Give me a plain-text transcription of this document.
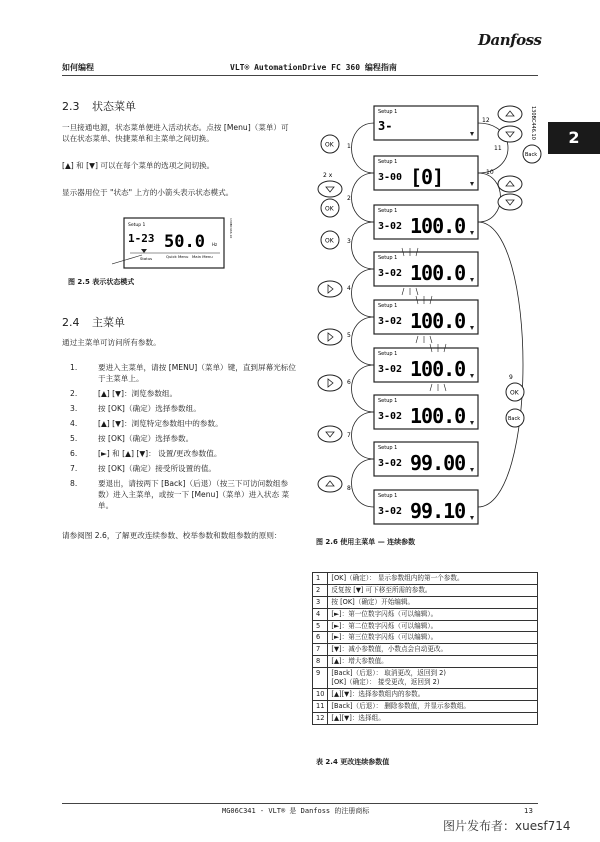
如何编程	VLT® AutomationDrive FC 360 编程指南
Danfoss
2
2.3 状态菜单
一旦接通电源，状态菜单便进入活动状态。点按 [Menu]（菜单）可以在状态菜单、快捷菜单和主菜单之间切换。
[▲] 和 [▼] 可以在每个菜单的选项之间切换。
显示器用位于 "状态" 上方的小箭头表示状态模式。
Setup 1
1-23 50.0 Hz
Status	Quick Menu Main Menu
130BC446.10
图 2.5 表示状态模式
2.4 主菜单
通过主菜单可访问所有参数。
1.	要进入主菜单，请按 [MENU]（菜单）键，直到屏幕光标位于主菜单上。
2.	[▲] [▼]：浏览参数组。
3.	按 [OK]（确定）选择参数组。
4.	[▲] [▼]：浏览特定参数组中的参数。
5.	按 [OK]（确定）选择参数。
6.	[►] 和 [▲] [▼]： 设置/更改参数值。
7.	按 [OK]（确定）接受所设置的值。
8.	要退出，请按两下 [Back]（后退）（按三下可访问数组参数）进入主菜单，或按一下 [Menu]（菜单）进入状态 菜单。
请参阅图 2.6，了解更改连续参数、校举参数和数组参数的原则：
Setup 1
3-
Setup 1
3-00 [0]
Setup 1
3-02 100.0
Setup 1
3-02 100.0
Setup 1
3-02 100.0
Setup 1
3-02 100.0
Setup 1
3-02 100.0
Setup 1
3-02 99.00
Setup 1
3-02 99.10
OK
2 x
OK
OK
Back
OK
Back
1
2
3
4
5
6
7
8
9
10
11
12	130BC446.10
图 2.6 使用主菜单 — 连续参数
1	[OK]（确定）： 显示参数组内的第一个参数。

2	反复按 [▼] 可下移至所需的参数。

3	按 [OK]（确定）开始编辑。

4	[►]：第一位数字闪烁（可以编辑）。

5	[►]：第二位数字闪烁（可以编辑）。

6	[►]：第三位数字闪烁（可以编辑）。

7	[▼]：减小参数值，小数点会自动更改。

8	[▲]：增大参数值。

9	[Back]（后退）： 取消更改，返回到 2)
[OK]（确定）： 接受更改，返回到 2)

10	[▲][▼]：选择参数组内的参数。

11	[Back]（后退）： 删除参数值，并显示参数组。

12	[▲][▼]：选择组。
表 2.4 更改连续参数值
MG06C341 - VLT® 是 Danfoss 的注册商标	13
图片发布者：xuesf714
